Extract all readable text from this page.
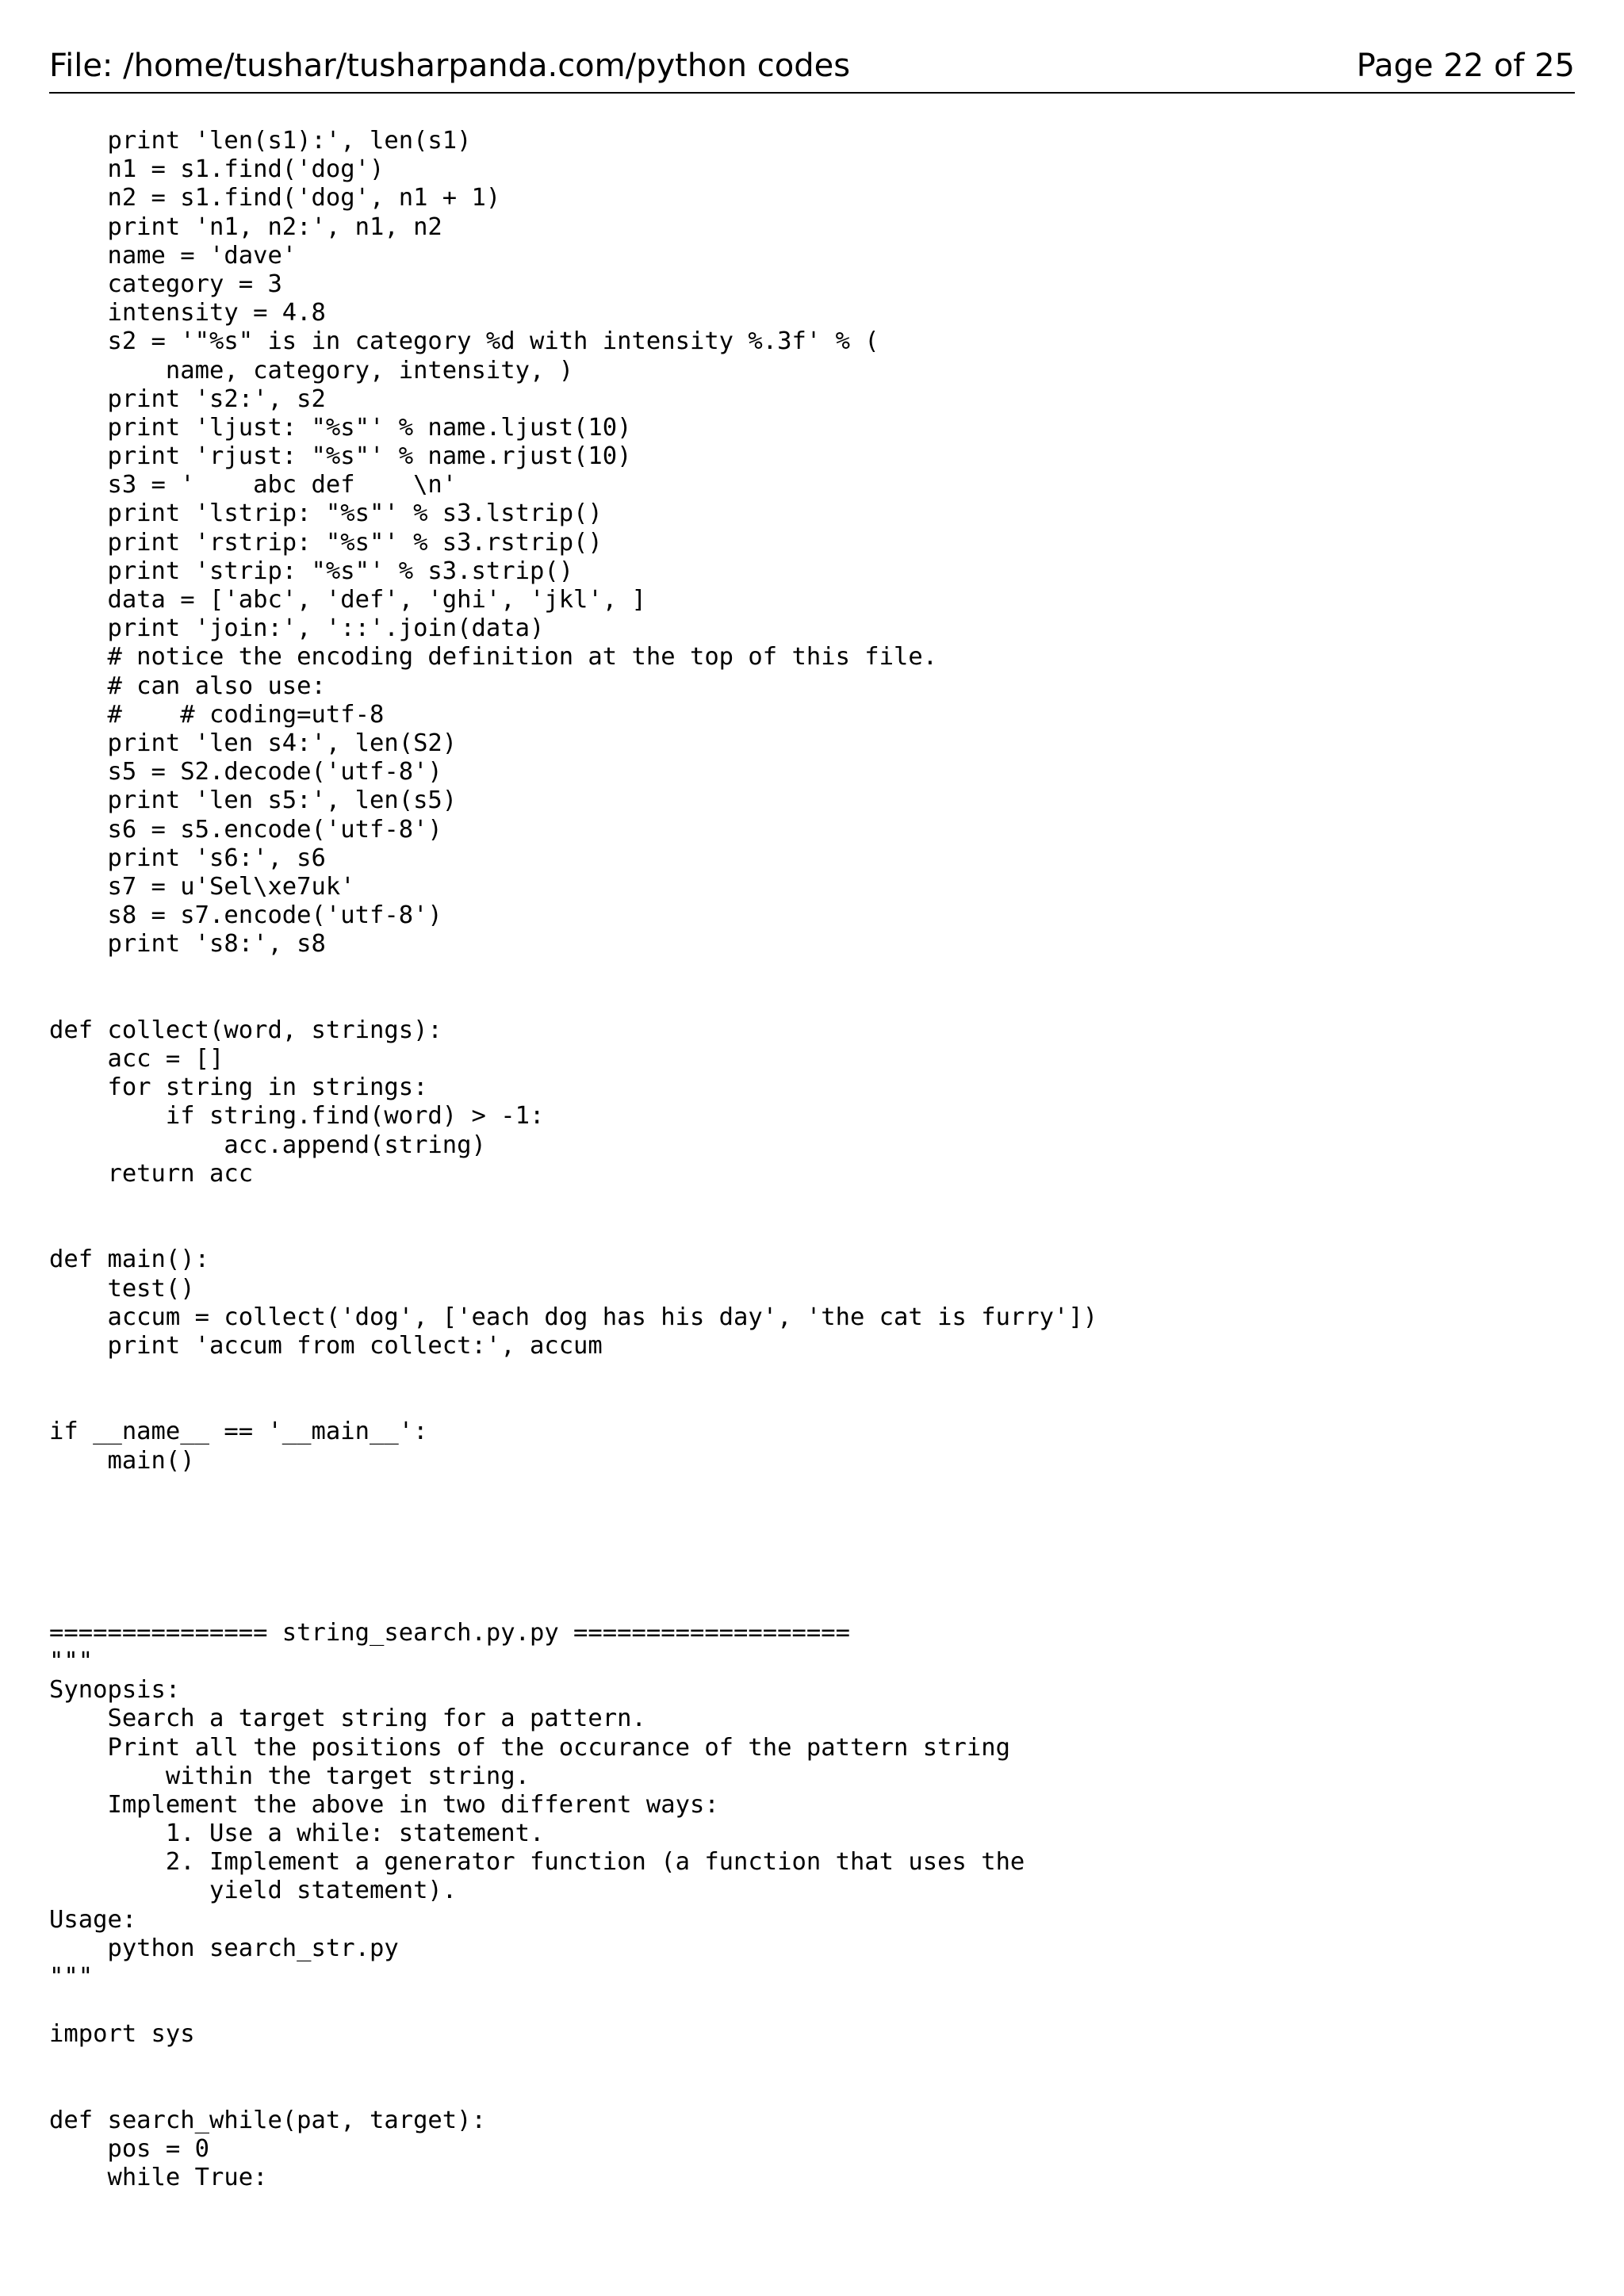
File: /home/tushar/tusharpanda.com/python codes	Page 22 of 25
print 'len(s1):', len(s1)
n1 = s1.find('dog')
n2 = s1.find('dog', n1 + 1)
print 'n1, n2:', n1, n2
name = 'dave'
category = 3
intensity = 4.8
s2 = '"%s" is in category %d with intensity %.3f' % (
name, category, intensity, )
print 's2:', s2
print 'ljust: "%s"' % name.ljust(10)
print 'rjust: "%s"' % name.rjust(10)
s3 = '    abc def    \n'
print 'lstrip: "%s"' % s3.lstrip()
print 'rstrip: "%s"' % s3.rstrip()
print 'strip: "%s"' % s3.strip()
data = ['abc', 'def', 'ghi', 'jkl', ]
print 'join:', '::'.join(data)
# notice the encoding definition at the top of this file.
# can also use:
#    # coding=utf-8
print 'len s4:', len(S2)
s5 = S2.decode('utf-8')
print 'len s5:', len(s5)
s6 = s5.encode('utf-8')
print 's6:', s6
s7 = u'Sel\xe7uk'
s8 = s7.encode('utf-8')
print 's8:', s8
def collect(word, strings):
acc = []
for string in strings:
if string.find(word) > -1:
acc.append(string)
return acc
def main():
test()
accum = collect('dog', ['each dog has his day', 'the cat is furry'])
print 'accum from collect:', accum
if __name__ == '__main__':
main()
=============== string_search.py.py ===================
"""
Synopsis:
Search a target string for a pattern.
Print all the positions of the occurance of the pattern string
within the target string.
Implement the above in two different ways:
1. Use a while: statement.
2. Implement a generator function (a function that uses the
yield statement).
Usage:
python search_str.py
"""
import sys
def search_while(pat, target):
pos = 0
while True:
